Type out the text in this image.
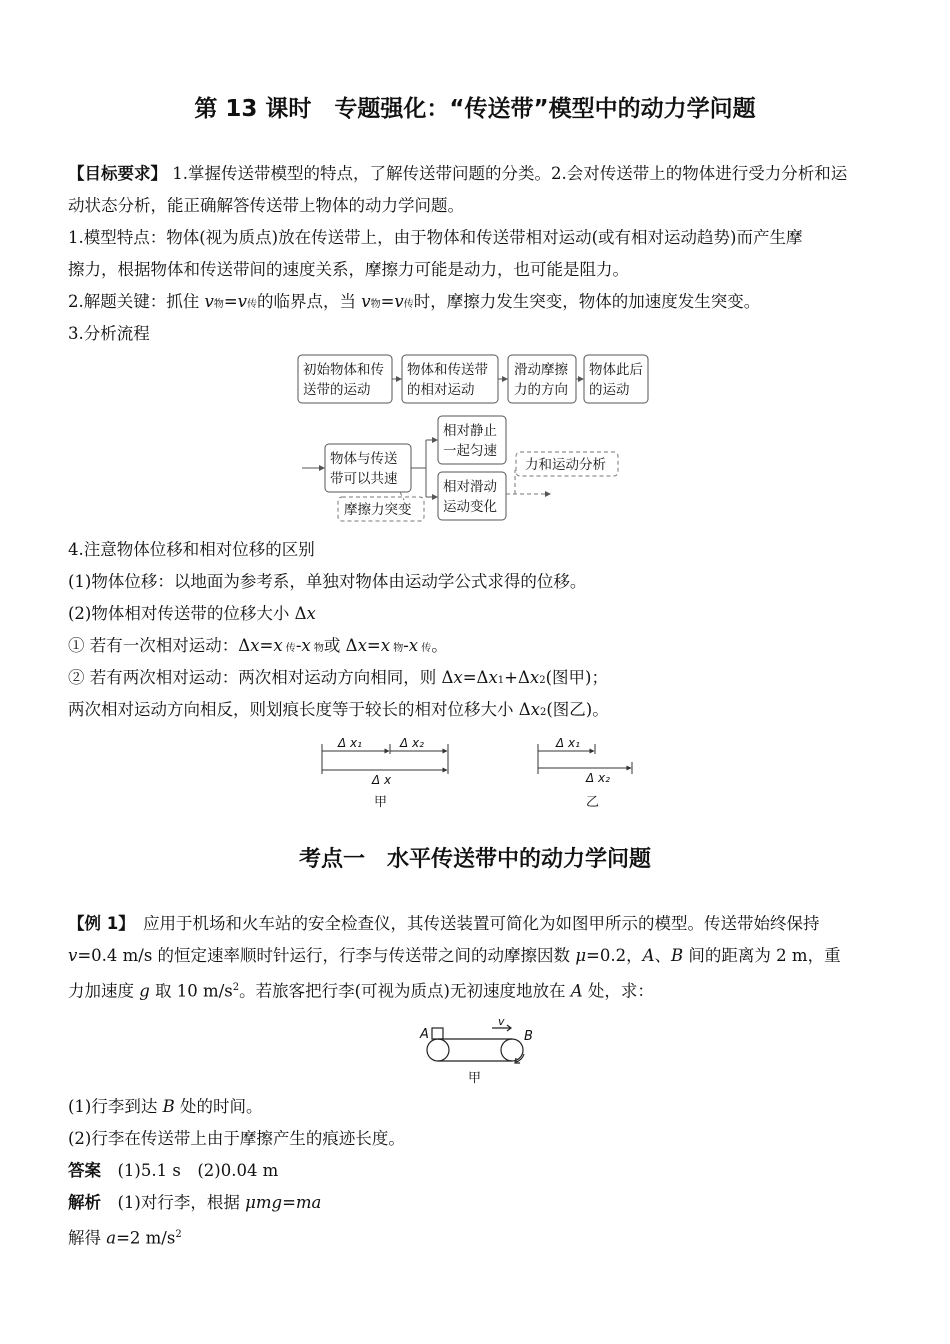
第 13 课时　专题强化：“传送带”模型中的动力学问题
【目标要求】 1.掌握传送带模型的特点，了解传送带问题的分类。2.会对传送带上的物体进行受力分析和运
动状态分析，能正确解答传送带上物体的动力学问题。
1.模型特点：物体(视为质点)放在传送带上，由于物体和传送带相对运动(或有相对运动趋势)而产生摩
擦力，根据物体和传送带间的速度关系，摩擦力可能是动力，也可能是阻力。
2.解题关键：抓住 v物=v传的临界点，当 v物=v传时，摩擦力发生突变，物体的加速度发生突变。
3.分析流程
初始物体和传
送带的运动
物体和传送带
的相对运动
滑动摩擦
力的方向
物体此后
的运动
物体与传送
带可以共速
相对静止
一起匀速
相对滑动
运动变化
摩擦力突变
力和运动分析
4.注意物体位移和相对位移的区别
(1)物体位移：以地面为参考系，单独对物体由运动学公式求得的位移。
(2)物体相对传送带的位移大小 Δx
① 若有一次相对运动：Δx=x 传-x 物或 Δx=x 物-x 传。
② 若有两次相对运动：两次相对运动方向相同，则 Δx=Δx1+Δx2(图甲)；
两次相对运动方向相反，则划痕长度等于较长的相对位移大小 Δx2(图乙)。
Δ x₁	Δ x₂
Δ x
Δ x₁
Δ x₂
甲	乙
考点一　水平传送带中的动力学问题
【例 1】　应用于机场和火车站的安全检查仪，其传送装置可简化为如图甲所示的模型。传送带始终保持
v=0.4 m/s 的恒定速率顺时针运行，行李与传送带之间的动摩擦因数 μ=0.2，A、B 间的距离为 2 m，重
力加速度 g 取 10 $m/s^2$。若旅客把行李(可视为质点)无初速度地放在 A 处，求：
A	B
v
甲
(1)行李到达 B 处的时间。
(2)行李在传送带上由于摩擦产生的痕迹长度。
答案　(1)5.1 s　(2)0.04 m
解析　(1)对行李，根据 μmg=ma
解得 a=2 $m/s^2$
